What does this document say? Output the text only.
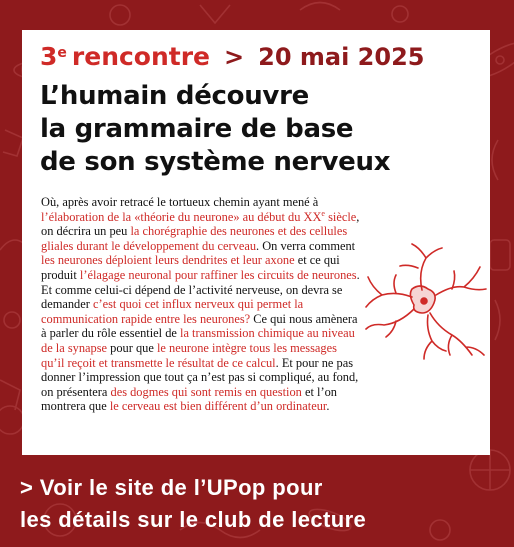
3e rencontre > 20 mai 2025
L’humain découvre
la grammaire de base
de son système nerveux
Où, après avoir retracé le tortueux chemin ayant mené à l’élaboration de la «théorie du neurone» au début du XXe siècle, on décrira un peu la chorégraphie des neurones et des cellules gliales durant le développement du cerveau. On verra comment les neurones déploient leurs dendrites et leur axone et ce qui produit l’élagage neuronal pour raffiner les circuits de neurones. Et comme celui-ci dépend de l’activité nerveuse, on devra se demander c’est quoi cet influx nerveux qui permet la communication rapide entre les neurones? Ce qui nous amènera à parler du rôle essentiel de la transmission chimique au niveau de la synapse pour que le neurone intègre tous les messages qu’il reçoit et transmette le résultat de ce calcul. Et pour ne pas donner l’impression que tout ça n’est pas si compliqué, au fond, on présentera des dogmes qui sont remis en question et l’on montrera que le cerveau est bien différent d’un ordinateur.
> Voir le site de l’UPop pour
les détails sur le club de lecture
